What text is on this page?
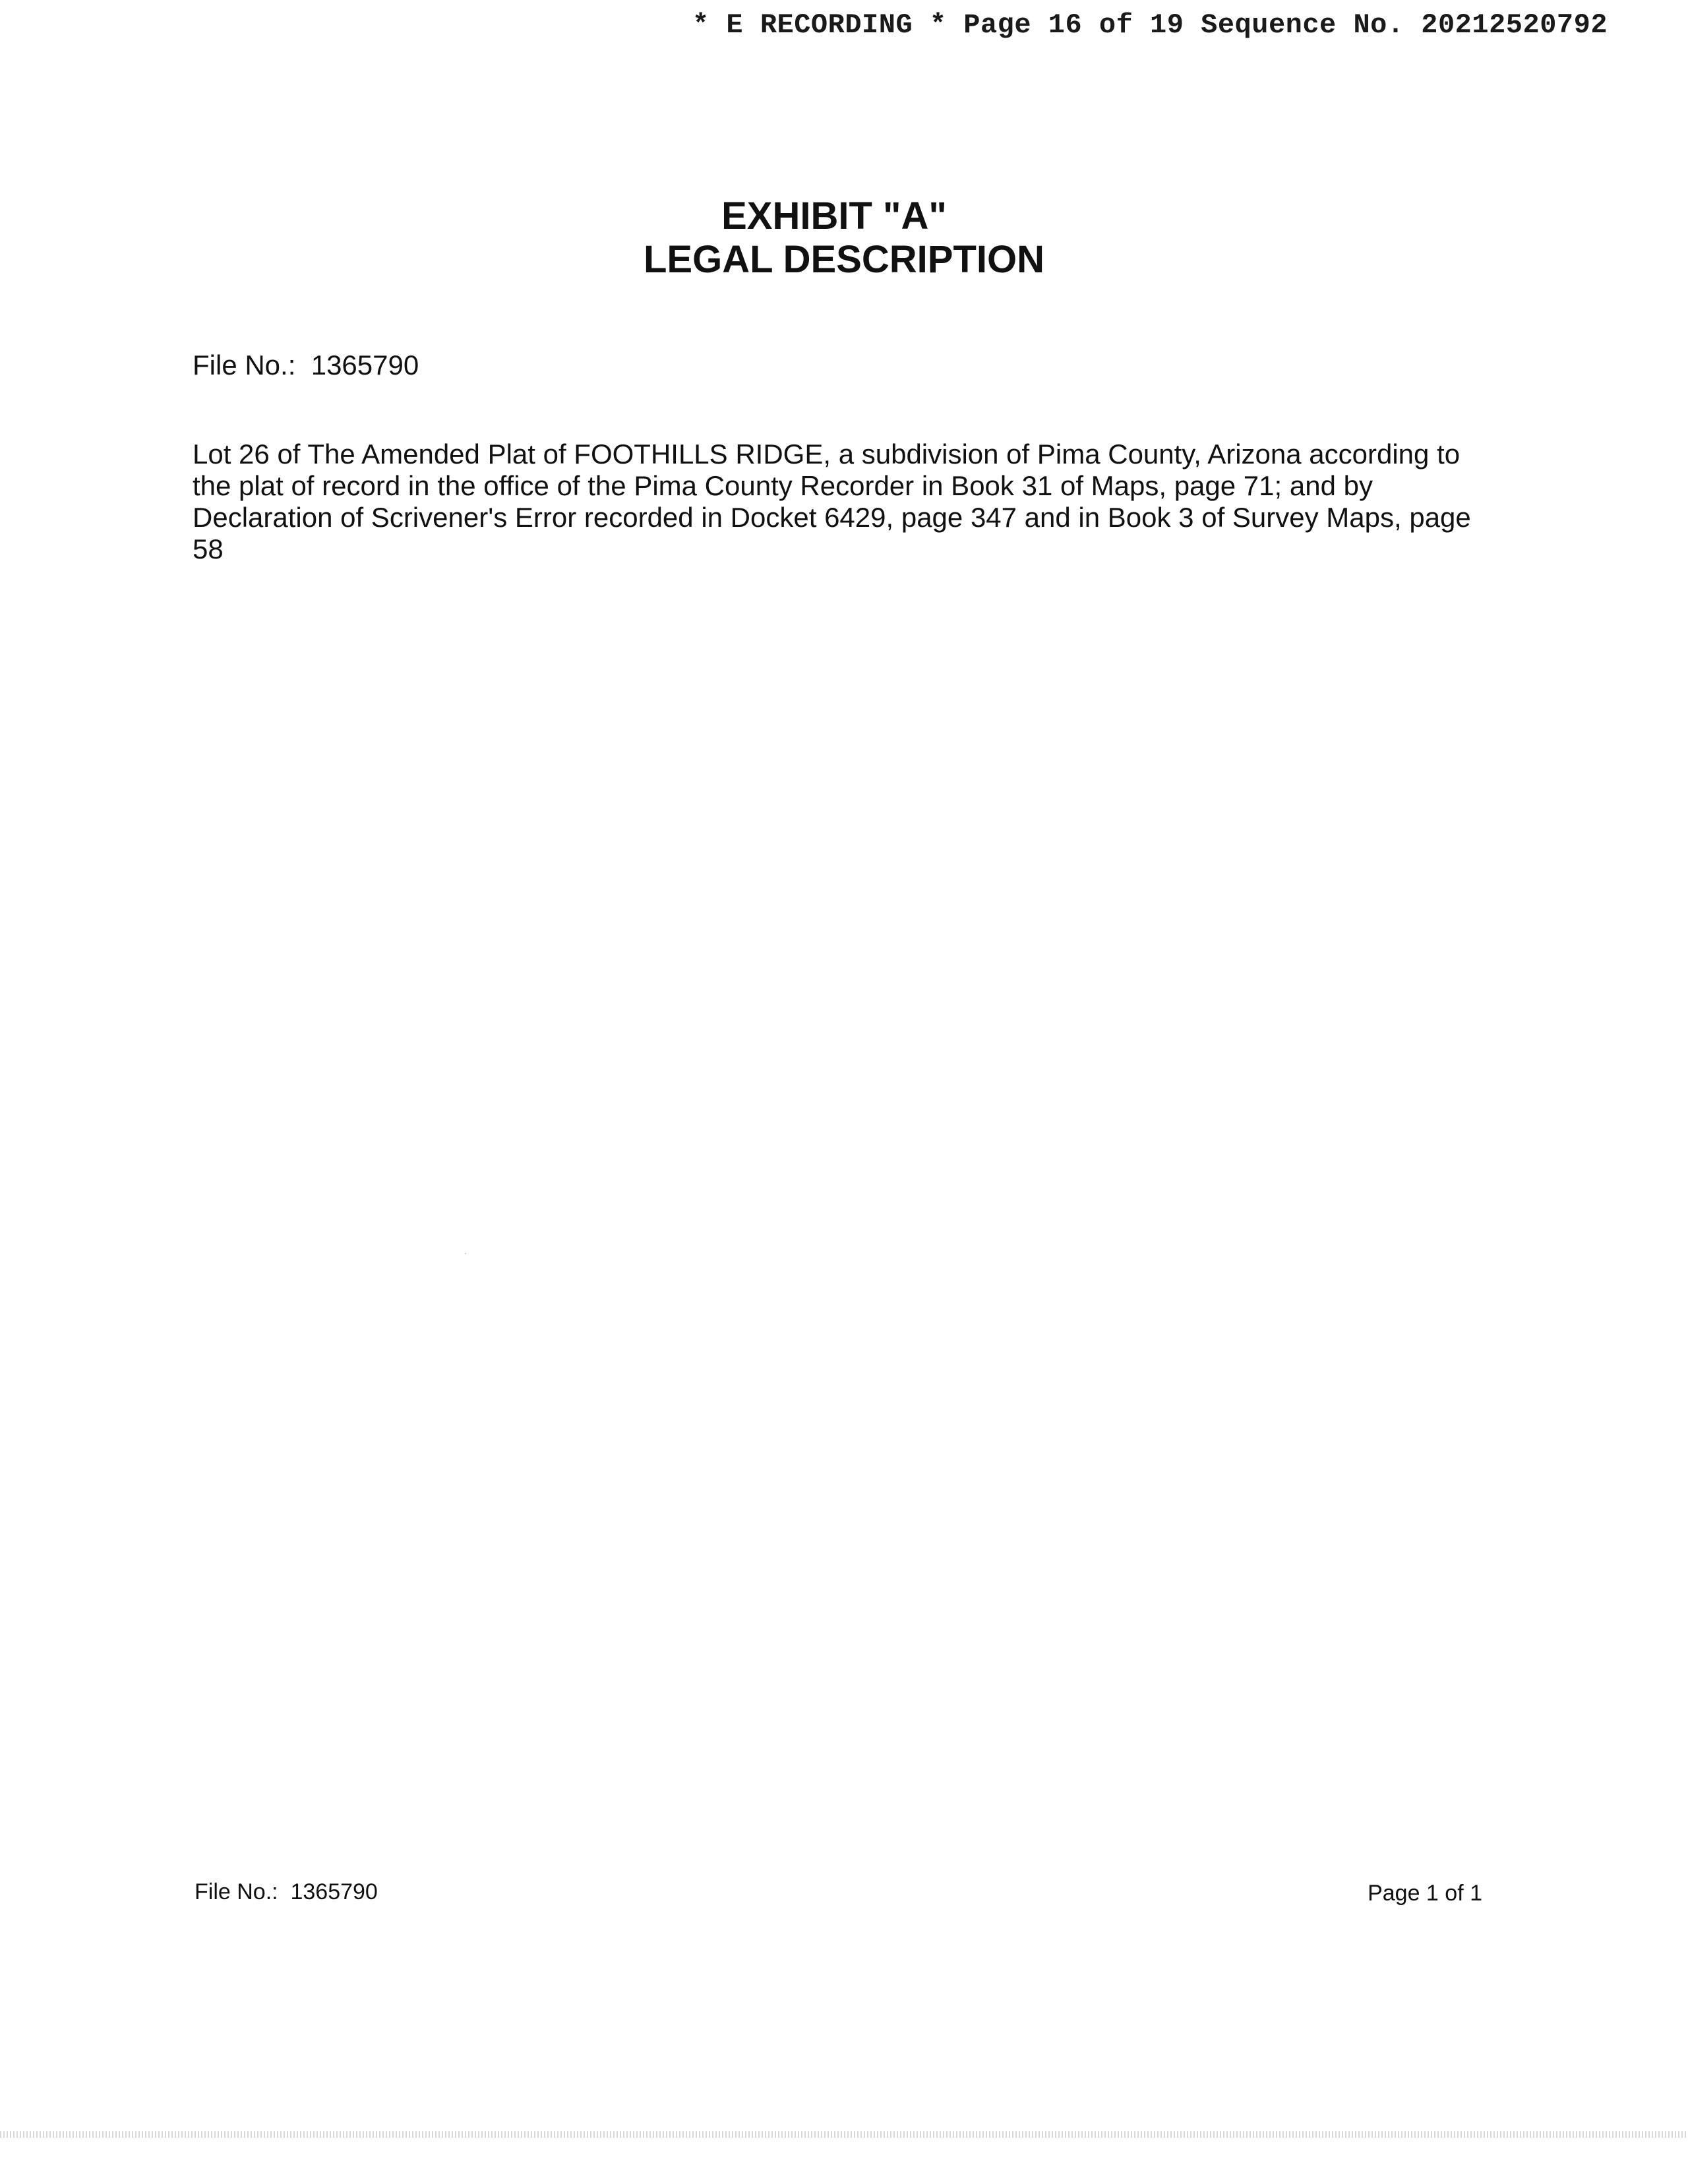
* E RECORDING * Page 16 of 19 Sequence No. 20212520792
EXHIBIT "A"
LEGAL DESCRIPTION
File No.:  1365790
Lot 26 of The Amended Plat of FOOTHILLS RIDGE, a subdivision of Pima County, Arizona according to the plat of record in the office of the Pima County Recorder in Book 31 of Maps, page 71; and by Declaration of Scrivener's Error recorded in Docket 6429, page 347 and in Book 3 of Survey Maps, page 58
File No.:  1365790	Page 1 of 1
